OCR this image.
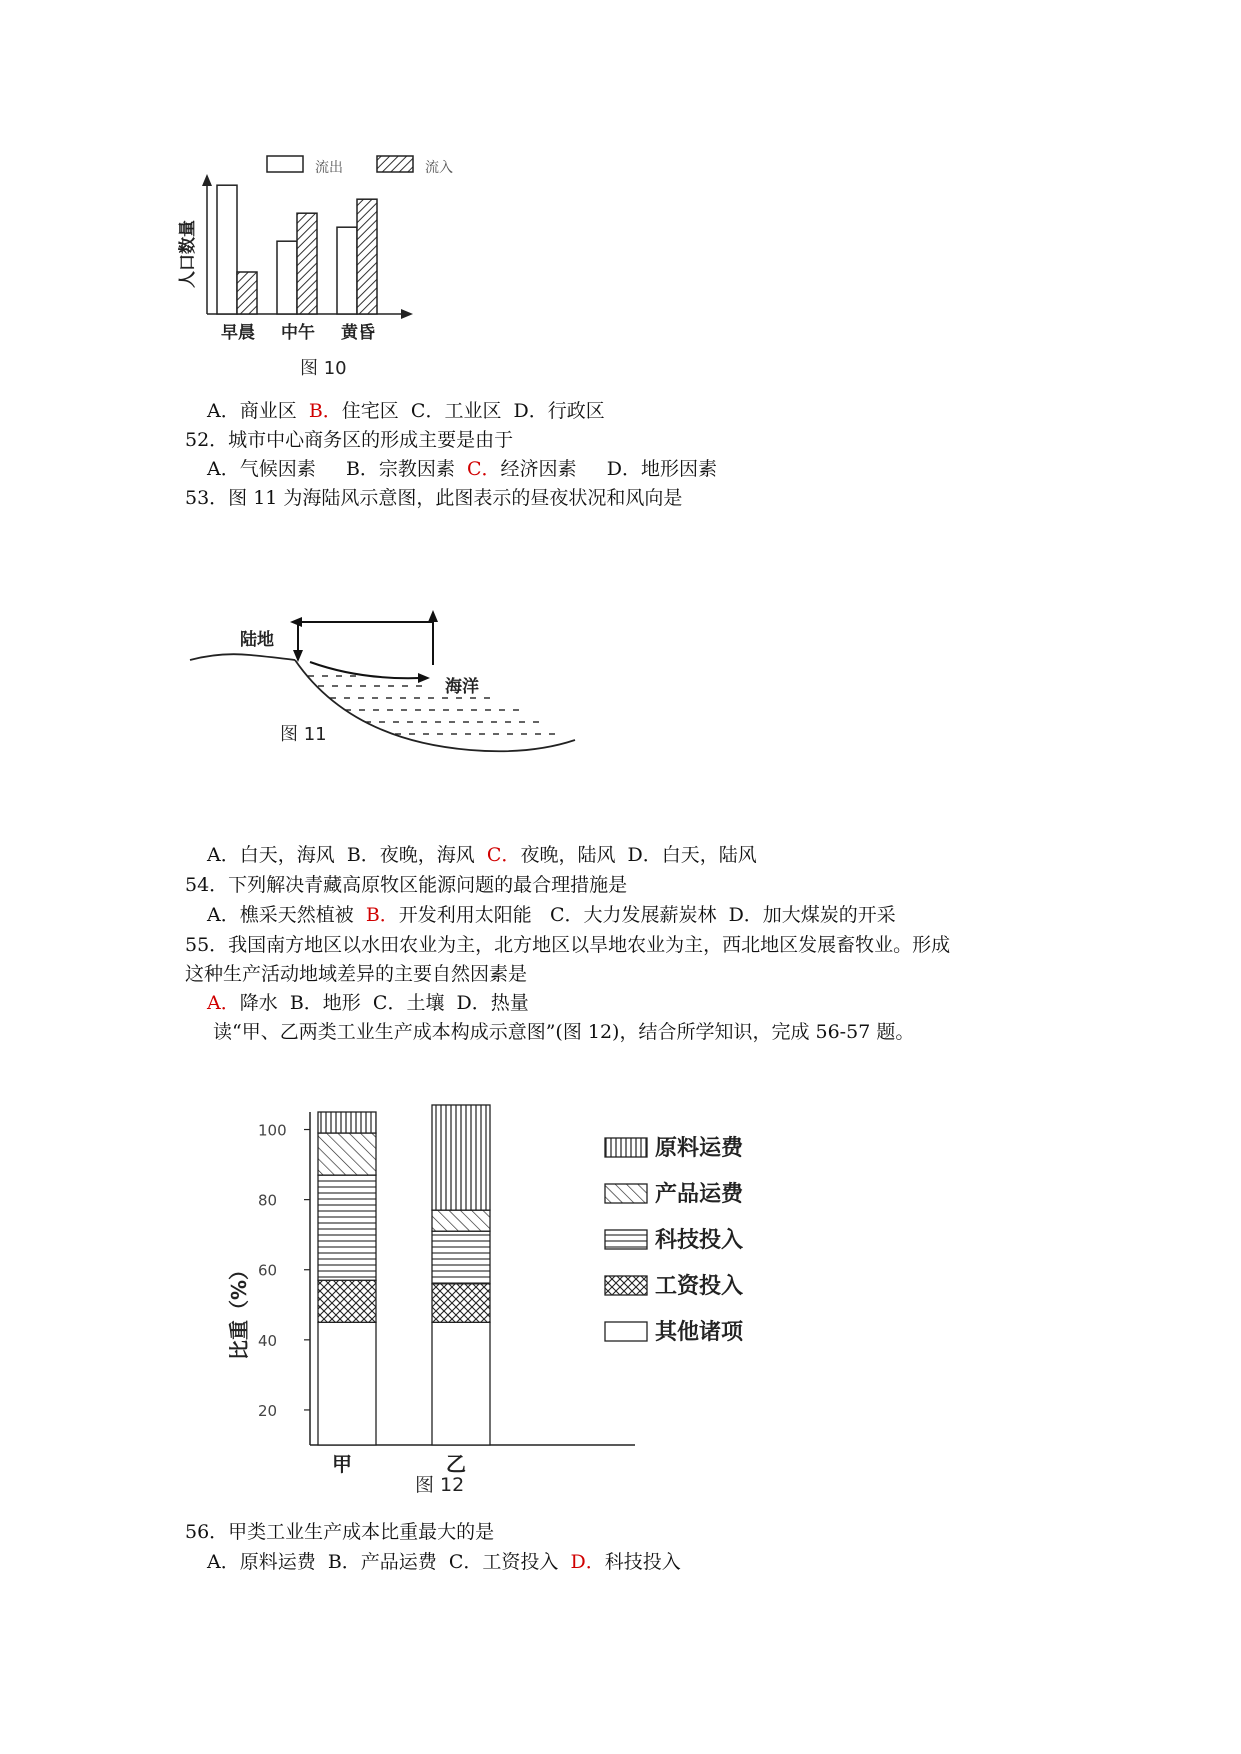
流出	流入
人口数量
早晨 中午 黄昏
图 10
A．商业区 B．住宅区 C．工业区 D．行政区
52．城市中心商务区的形成主要是由于
A．气候因素 B．宗教因素 C．经济因素 D．地形因素
53．图 11 为海陆风示意图，此图表示的昼夜状况和风向是
陆地
海洋
图 11
A．白天，海风 B．夜晚，海风 C．夜晚，陆风 D．白天，陆风
54．下列解决青藏高原牧区能源问题的最合理措施是
A．樵采天然植被 B．开发利用太阳能 C．大力发展薪炭林 D．加大煤炭的开采
55．我国南方地区以水田农业为主，北方地区以旱地农业为主，西北地区发展畜牧业。形成
这种生产活动地域差异的主要自然因素是
A．降水 B．地形 C．土壤 D．热量
读“甲、乙两类工业生产成本构成示意图”(图 12)，结合所学知识，完成 56-57 题。
100
80
60
40
20
比重（%）
甲	乙
图 12
原料运费
产品运费
科技投入
工资投入
其他诸项
56．甲类工业生产成本比重最大的是
A．原料运费 B．产品运费 C．工资投入 D．科技投入
